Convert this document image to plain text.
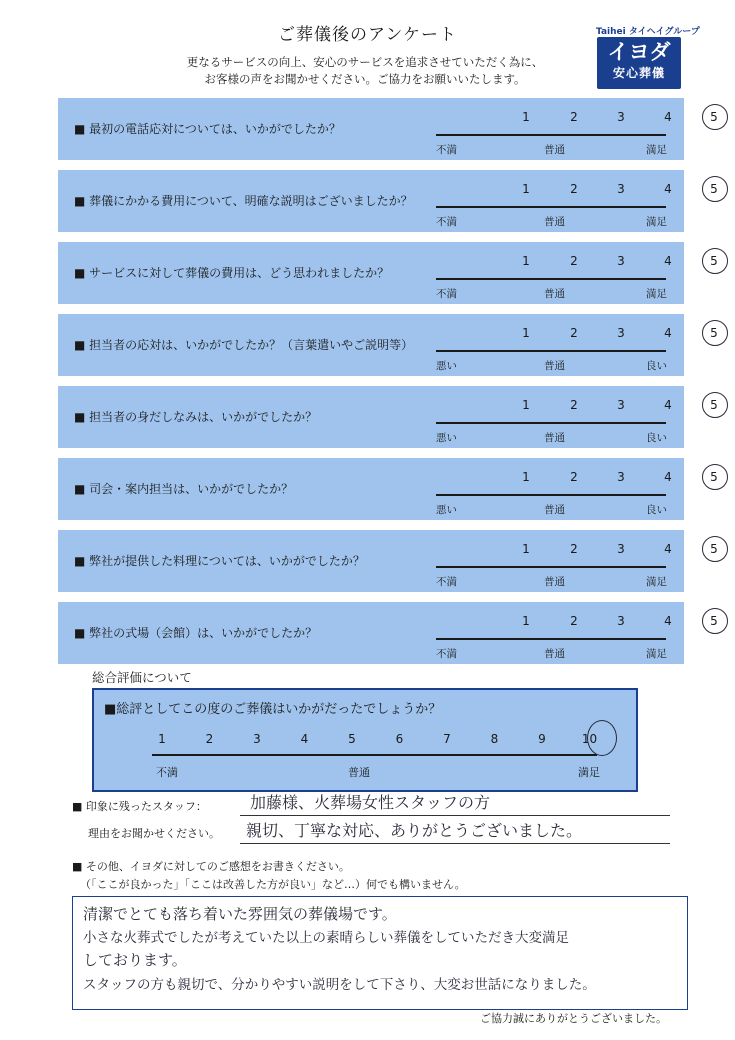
ご葬儀後のアンケート
更なるサービスの向上、安心のサービスを追求させていただく為に、
お客様の声をお聞かせください。ご協力をお願いいたします。
Taihei タイヘイグループ
イヨダ
安心葬儀
■ 最初の電話応対については、いかがでしたか？
1	2	3	4	5
不満	普通	満足
■ 葬儀にかかる費用について、明確な説明はございましたか？
1	2	3	4	5
不満	普通	満足
■ サービスに対して葬儀の費用は、どう思われましたか？
1	2	3	4	5
不満	普通	満足
■ 担当者の応対は、いかがでしたか？（言葉遣いやご説明等）
1	2	3	4	5
悪い	普通	良い
■ 担当者の身だしなみは、いかがでしたか？
1	2	3	4	5
悪い	普通	良い
■ 司会・案内担当は、いかがでしたか？
1	2	3	4	5
悪い	普通	良い
■ 弊社が提供した料理については、いかがでしたか？
1	2	3	4	5
不満	普通	満足
■ 弊社の式場（会館）は、いかがでしたか？
1	2	3	4	5
不満	普通	満足
総合評価について
■総評としてこの度のご葬儀はいかがだったでしょうか？
1	2	3	4	5	6	7	8	9	10
不満	普通	満足
■ 印象に残ったスタッフ：	加藤様、火葬場女性スタッフの方
理由をお聞かせください。 親切、丁寧な対応、ありがとうございました。
■ その他、イヨダに対してのご感想をお書きください。
（「ここが良かった」「ここは改善した方が良い」など…）何でも構いません。
清潔でとても落ち着いた雰囲気の葬儀場です。
小さな火葬式でしたが考えていた以上の素晴らしい葬儀をしていただき大変満足
しております。
スタッフの方も親切で、分かりやすい説明をして下さり、大変お世話になりました。
ご協力誠にありがとうございました。
